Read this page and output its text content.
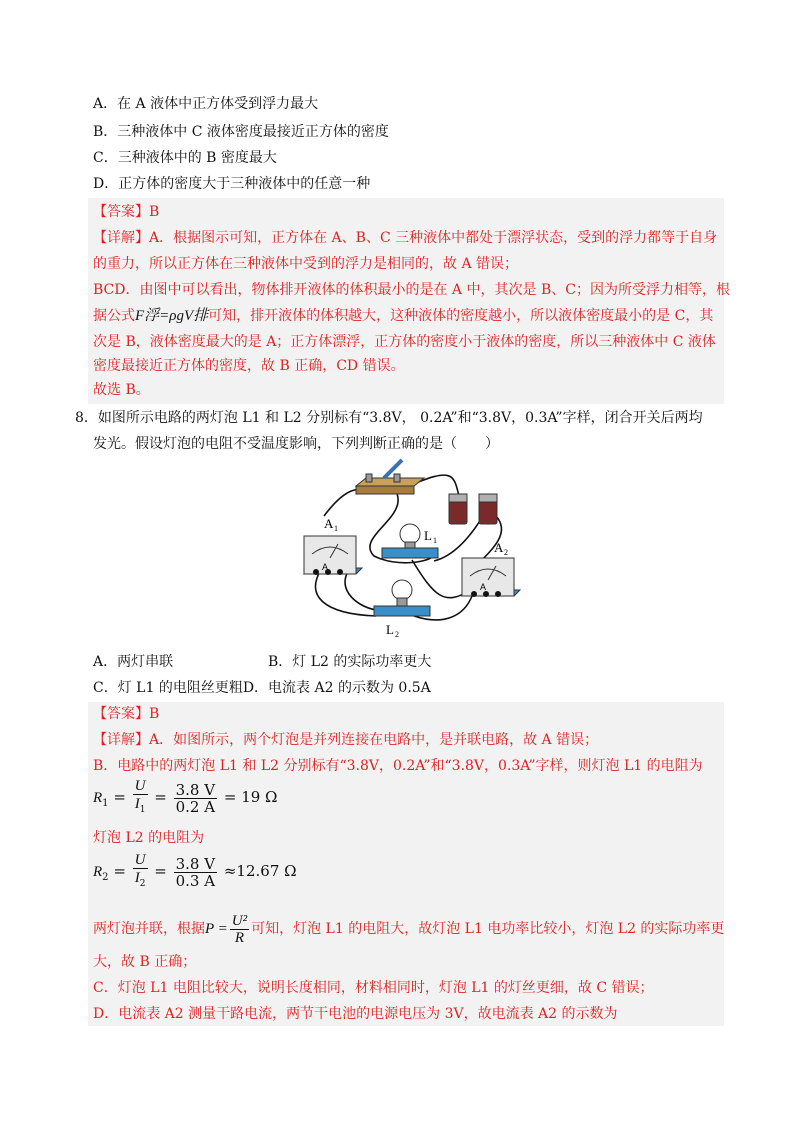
A．在 A 液体中正方体受到浮力最大
B．三种液体中 C 液体密度最接近正方体的密度
C．三种液体中的 B 密度最大
D．正方体的密度大于三种液体中的任意一种
【答案】B
【详解】A．根据图示可知，正方体在 A、B、C 三种液体中都处于漂浮状态，受到的浮力都等于自身
的重力，所以正方体在三种液体中受到的浮力是相同的，故 A 错误；
BCD．由图中可以看出，物体排开液体的体积最小的是在 A 中，其次是 B、C；因为所受浮力相等，根
据公式F浮=ρgV排可知，排开液体的体积越大，这种液体的密度越小，所以液体密度最小的是 C，其
次是 B，液体密度最大的是 A；正方体漂浮，正方体的密度小于液体的密度，所以三种液体中 C 液体
密度最接近正方体的密度，故 B 正确，CD 错误。
故选 B。
8．如图所示电路的两灯泡 L1 和 L2 分别标有“3.8V， 0.2A”和“3.8V，0.3A”字样，闭合开关后两均
发光。假设灯泡的电阻不受温度影响，下列判断正确的是（　　）
A
A
A 1
A 2
L 1
L 2
A．两灯串联	B．灯 L2 的实际功率更大
C．灯 L1 的电阻丝更粗D．电流表 A2 的示数为 0.5A
【答案】B
【详解】A．如图所示，两个灯泡是并列连接在电路中，是并联电路，故 A 错误；
B．电路中的两灯泡 L1 和 L2 分别标有“3.8V，0.2A”和“3.8V，0.3A”字样，则灯泡 L1 的电阻为
$R_1 = \frac{U}{I_1} = \frac{3.8 V}{0.2 A} = 19$ Ω
灯泡 L2 的电阻为
$R_2 = \frac{U}{I_2} = \frac{3.8 V}{0.3 A} \approx 12.67$ Ω
两灯泡并联，根据$P = \frac{\text{U²}}{R}$ 可知，灯泡 L1 的电阻大，故灯泡 L1 电功率比较小，灯泡 L2 的实际功率更
大，故 B 正确；
C．灯泡 L1 电阻比较大，说明长度相同，材料相同时，灯泡 L1 的灯丝更细，故 C 错误；
D．电流表 A2 测量干路电流，两节干电池的电源电压为 3V，故电流表 A2 的示数为
